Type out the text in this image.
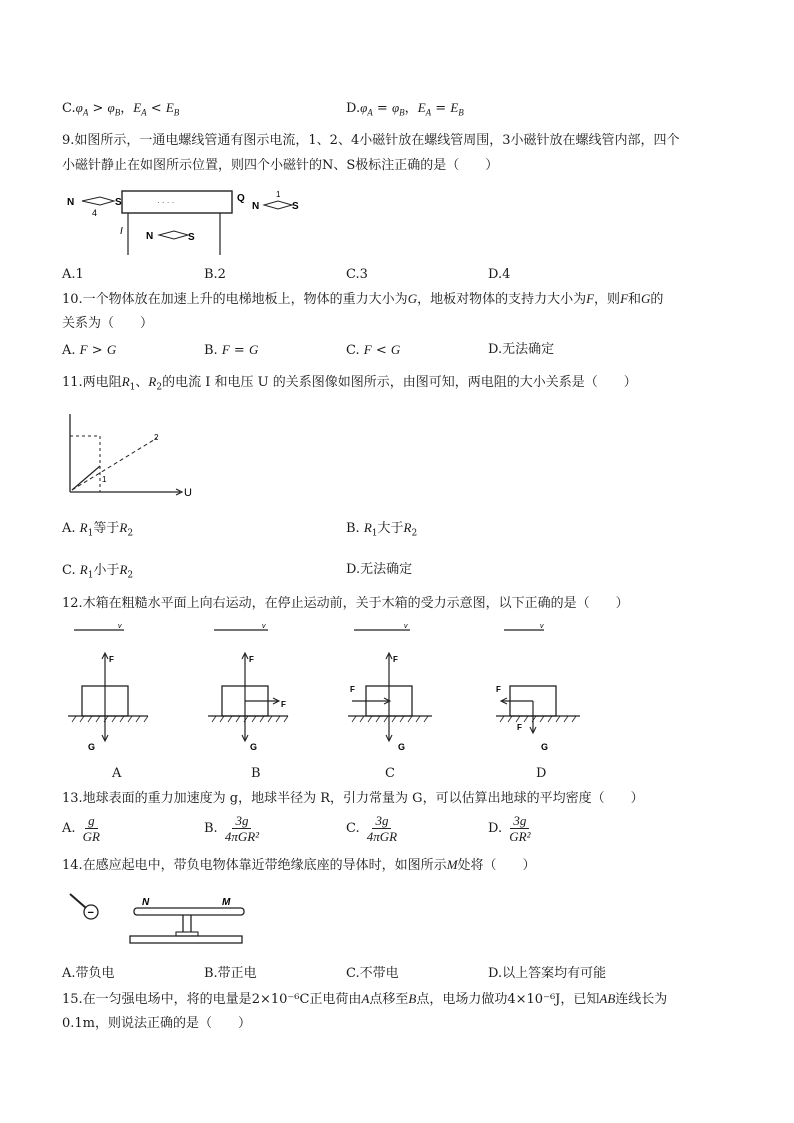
$C.\varphi_A > \varphi_B$，$E_A < E_B$	$D.\varphi_A = \varphi_B$，$E_A = E_B$
9.如图所示，一通电螺线管通有图示电流，1、2、4小磁针放在螺线管周围，3小磁针放在螺线管内部，四个
小磁针静止在如图所示位置，则四个小磁针的N、S极标注正确的是（　　）
· · · ·
I
N	S
4
Q
N	S
1
N	S
A.1	B.2	C.3	D.4
10.一个物体放在加速上升的电梯地板上，物体的重力大小为G，地板对物体的支持力大小为F，则F和G的
关系为（　　）
A. F > G	B. F = G	C. F < G	D.无法确定
11.两电阻$R_1$、$R_2$的电流 I 和电压 U 的关系图像如图所示，由图可知，两电阻的大小关系是（　　）
U
1
2
A. $R_1$等于$R_2$	B. $R_1$大于$R_2$
C. $R_1$小于$R_2$	D.无法确定
12.木箱在粗糙水平面上向右运动，在停止运动前，关于木箱的受力示意图，以下正确的是（　　）
v
F
G
v
F
F
G
v
F
F
G
v
F
F
G
A	B	C	D
13.地球表面的重力加速度为 g，地球半径为 R，引力常量为 G，可以估算出地球的平均密度（　　）
A. $\frac{g}{GR}$	B. $\frac{3g}{\text{4πGR²}}$	C. $\frac{3g}{\text{4πGR}}$	D. $\frac{3g}{\text{GR²}}$
14.在感应起电中，带负电物体靠近带绝缘底座的导体时，如图所示M处将（　　）
−
N	M
A.带负电	B.带正电	C.不带电	D.以上答案均有可能
15.在一匀强电场中，将的电量是2×10⁻⁶C正电荷由A点移至B点，电场力做功4×10⁻⁶J，已知AB连线长为
0.1m，则说法正确的是（　　）
